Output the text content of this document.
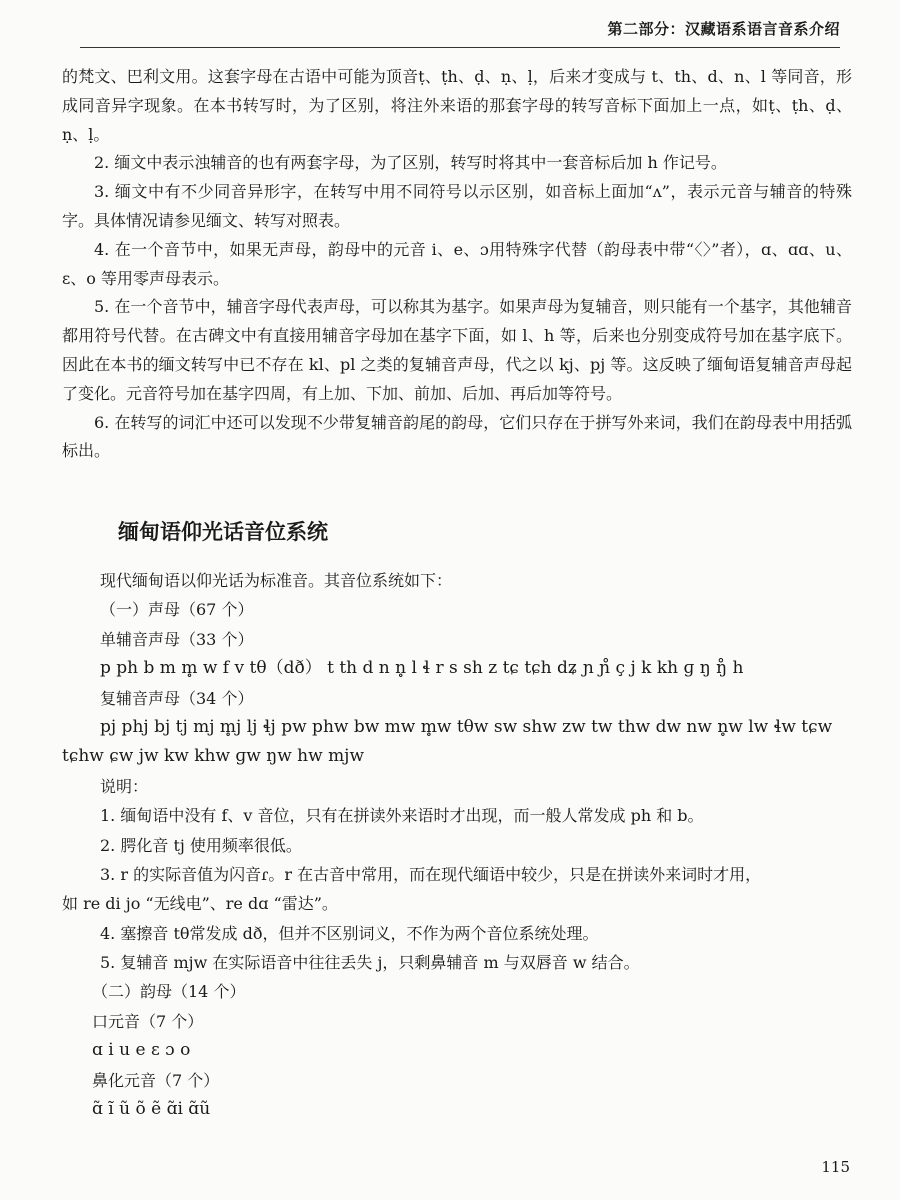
第二部分：汉藏语系语言音系介绍

的梵文、巴利文用。这套字母在古语中可能为顶音ṭ、ṭh、ḍ、ṇ、ḷ，后来才变成与 t、th、d、n、l 等同音，形成同音异字现象。在本书转写时，为了区别，将注外来语的那套字母的转写音标下面加上一点，如ṭ、ṭh、ḍ、ṇ、ḷ。

2. 缅文中表示浊辅音的也有两套字母，为了区别，转写时将其中一套音标后加 h 作记号。

3. 缅文中有不少同音异形字，在转写中用不同符号以示区别，如音标上面加“ʌ”，表示元音与辅音的特殊字。具体情况请参见缅文、转写对照表。

4. 在一个音节中，如果无声母，韵母中的元音 i、e、ɔ用特殊字代替（韵母表中带“〈〉”者），ɑ、ɑɑ、u、ɛ、o 等用零声母表示。

5. 在一个音节中，辅音字母代表声母，可以称其为基字。如果声母为复辅音，则只能有一个基字，其他辅音都用符号代替。在古碑文中有直接用辅音字母加在基字下面，如 l、h 等，后来也分别变成符号加在基字底下。因此在本书的缅文转写中已不存在 kl、pl 之类的复辅音声母，代之以 kj、pj 等。这反映了缅甸语复辅音声母起了变化。元音符号加在基字四周，有上加、下加、前加、后加、再后加等符号。

6. 在转写的词汇中还可以发现不少带复辅音韵尾的韵母，它们只存在于拼写外来词，我们在韵母表中用括弧标出。

缅甸语仰光话音位系统
现代缅甸语以仰光话为标准音。其音位系统如下：
（一）声母（67 个）
单辅音声母（33 个）
p ph b m m̥ w f v tθ（dð） t th d n n̥ l ɬ r s sh z tɕ tɕh dʑ ɲ ɲ̊ ç j k kh ɡ ŋ ŋ̊ h
复辅音声母（34 个）
pj phj bj tj mj m̥j lj ɬj pw phw bw mw m̥w tθw sw shw zw tw thw dw nw n̥w lw ɬw tɕw
tɕhw ɕw jw kw khw ɡw ŋw hw mjw
说明：
1. 缅甸语中没有 f、v 音位，只有在拼读外来语时才出现，而一般人常发成 ph 和 b。
2. 腭化音 tj 使用频率很低。
3. r 的实际音值为闪音ɾ。r 在古音中常用，而在现代缅语中较少，只是在拼读外来词时才用，
如 re di jo “无线电”、re dɑ “雷达”。
4. 塞擦音 tθ常发成 dð，但并不区别词义，不作为两个音位系统处理。
5. 复辅音 mjw 在实际语音中往往丢失 j，只剩鼻辅音 m 与双唇音 w 结合。
（二）韵母（14 个）
口元音（7 个）
ɑ i u e ɛ ɔ o
鼻化元音（7 个）
ɑ̃ ĩ ũ õ ẽ ɑ̃i ɑ̃ũ
115
